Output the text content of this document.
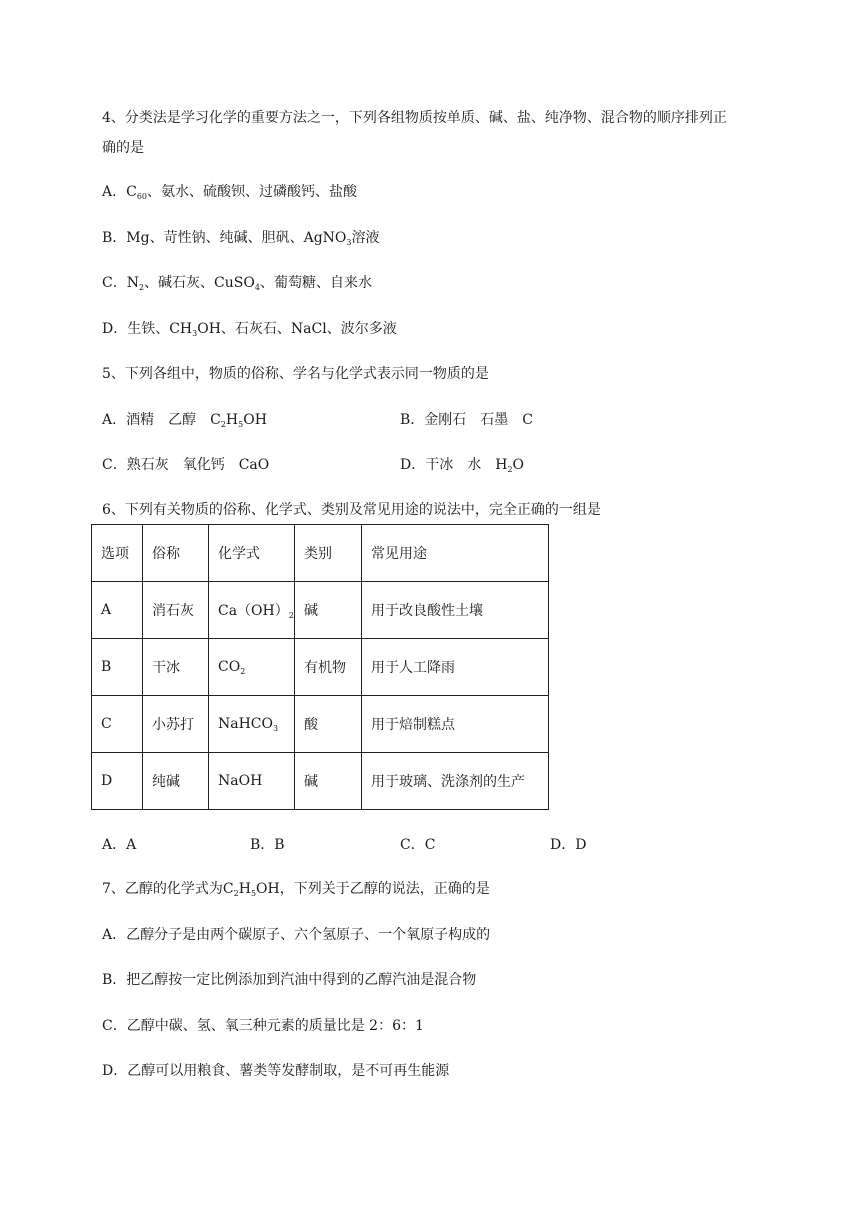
4、分类法是学习化学的重要方法之一，下列各组物质按单质、碱、盐、纯净物、混合物的顺序排列正
确的是
A．$C_{60}$、氨水、硫酸钡、过磷酸钙、盐酸
B．Mg、苛性钠、纯碱、胆矾、AgNO$_3$溶液
C．$N_2$、碱石灰、CuSO$_4$、葡萄糖、自来水
D．生铁、$CH_3OH$、石灰石、NaCl、波尔多液
5、下列各组中，物质的俗称、学名与化学式表示同一物质的是
A．酒精　乙醇　$C_2H_5OH$	B．金刚石　石墨　C
C．熟石灰　氧化钙　CaO	D．干冰　水　$H_2O$
6、下列有关物质的俗称、化学式、类别及常见用途的说法中，完全正确的一组是
选项	俗称	化学式	类别	常见用途
A	消石灰	$Ca(OH)_2$	碱	用于改良酸性土壤
B	干冰	$CO_2$	有机物	用于人工降雨
C	小苏打	NaHCO$_3$	酸	用于焙制糕点
D	纯碱	NaOH	碱	用于玻璃、洗涤剂的生产
A．A	B．B	C．C	D．D
7、乙醇的化学式为$C_2H_5OH$，下列关于乙醇的说法，正确的是
A．乙醇分子是由两个碳原子、六个氢原子、一个氧原子构成的
B．把乙醇按一定比例添加到汽油中得到的乙醇汽油是混合物
C．乙醇中碳、氢、氧三种元素的质量比是 2：6：1
D．乙醇可以用粮食、薯类等发酵制取，是不可再生能源
